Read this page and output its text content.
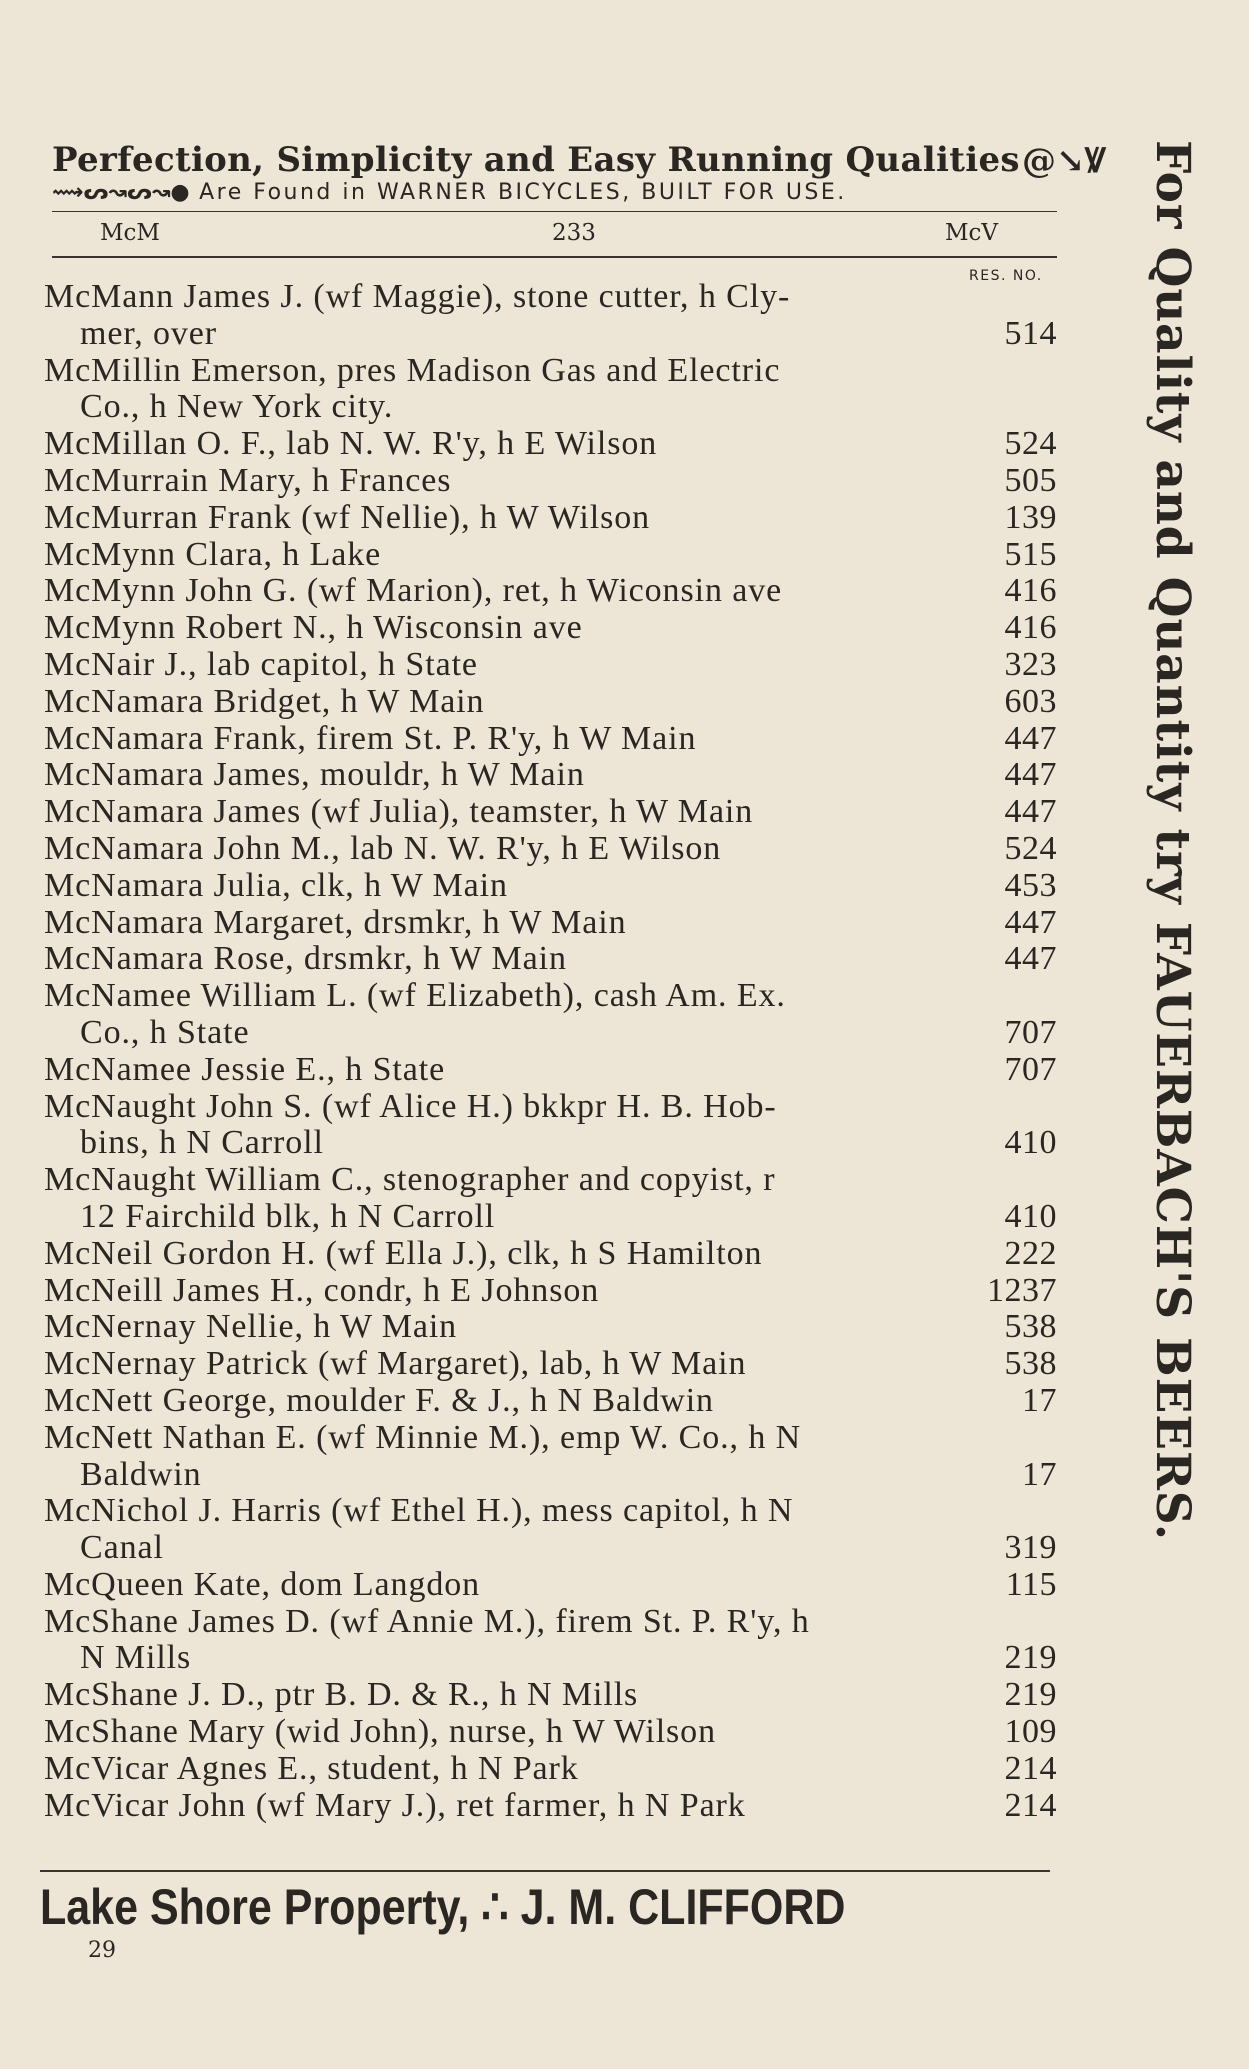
Perfection, Simplicity and Easy Running Qualities @↘Ꝟ
⟿ᔕ↝ᔕ↝● Are Found in WARNER BICYCLES, BUILT FOR USE.
McM	233	McV
RES. NO.
McMann James J. (wf Maggie), stone cutter, h Cly-
mer, over	514
McMillin Emerson, pres Madison Gas and Electric
Co., h New York city.
McMillan O. F., lab N. W. R'y, h E Wilson	524
McMurrain Mary, h Frances	505
McMurran Frank (wf Nellie), h W Wilson	139
McMynn Clara, h Lake	515
McMynn John G. (wf Marion), ret, h Wiconsin ave	416
McMynn Robert N., h Wisconsin ave	416
McNair J., lab capitol, h State	323
McNamara Bridget, h W Main	603
McNamara Frank, firem St. P. R'y, h W Main	447
McNamara James, mouldr, h W Main	447
McNamara James (wf Julia), teamster, h W Main	447
McNamara John M., lab N. W. R'y, h E Wilson	524
McNamara Julia, clk, h W Main	453
McNamara Margaret, drsmkr, h W Main	447
McNamara Rose, drsmkr, h W Main	447
McNamee William L. (wf Elizabeth), cash Am. Ex.
Co., h State	707
McNamee Jessie E., h State	707
McNaught John S. (wf Alice H.) bkkpr H. B. Hob-
bins, h N Carroll	410
McNaught William C., stenographer and copyist, r
12 Fairchild blk, h N Carroll	410
McNeil Gordon H. (wf Ella J.), clk, h S Hamilton	222
McNeill James H., condr, h E Johnson	1237
McNernay Nellie, h W Main	538
McNernay Patrick (wf Margaret), lab, h W Main	538
McNett George, moulder F. & J., h N Baldwin	17
McNett Nathan E. (wf Minnie M.), emp W. Co., h N
Baldwin	17
McNichol J. Harris (wf Ethel H.), mess capitol, h N
Canal	319
McQueen Kate, dom Langdon	115
McShane James D. (wf Annie M.), firem St. P. R'y, h
N Mills	219
McShane J. D., ptr B. D. & R., h N Mills	219
McShane Mary (wid John), nurse, h W Wilson	109
McVicar Agnes E., student, h N Park	214
McVicar John (wf Mary J.), ret farmer, h N Park	214
Lake Shore Property, ∴ J. M. CLIFFORD
29
For Quality and Quantity try FAUERBACH'S BEERS.
